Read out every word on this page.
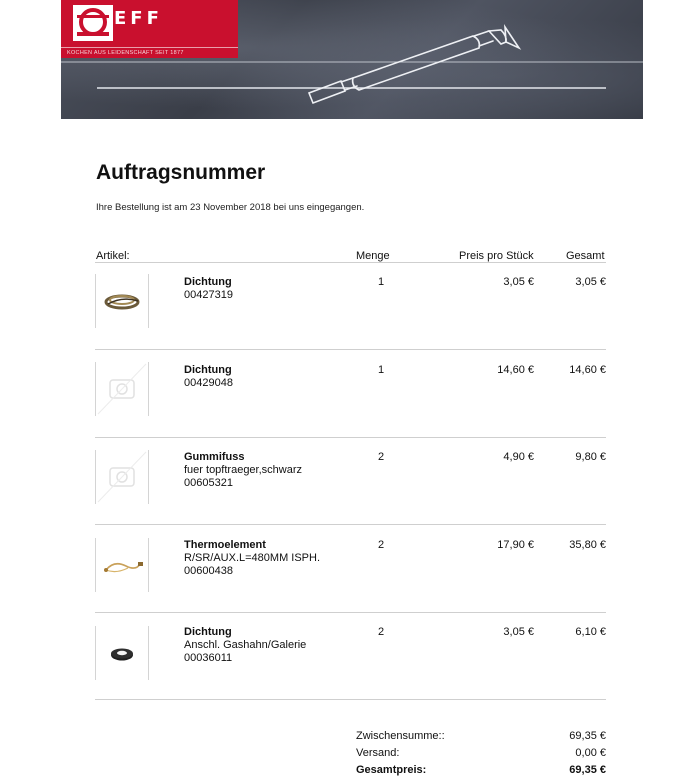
EFF
KOCHEN AUS LEIDENSCHAFT SEIT 1877
Auftragsnummer
Ihre Bestellung ist am 23 November 2018 bei uns eingegangen.
Artikel:	Menge	Preis pro Stück	Gesamt
Dichtung
00427319
1	3,05 €	3,05 €
Dichtung
00429048
1	14,60 €	14,60 €
Gummifuss
fuer topftraeger,schwarz
00605321
2	4,90 €	9,80 €
Thermoelement
R/SR/AUX.L=480MM ISPH.
00600438
2	17,90 €	35,80 €
Dichtung
Anschl. Gashahn/Galerie
00036011
2	3,05 €	6,10 €
Zwischensumme::	69,35 €
Versand:	0,00 €
Gesamtpreis:	69,35 €
